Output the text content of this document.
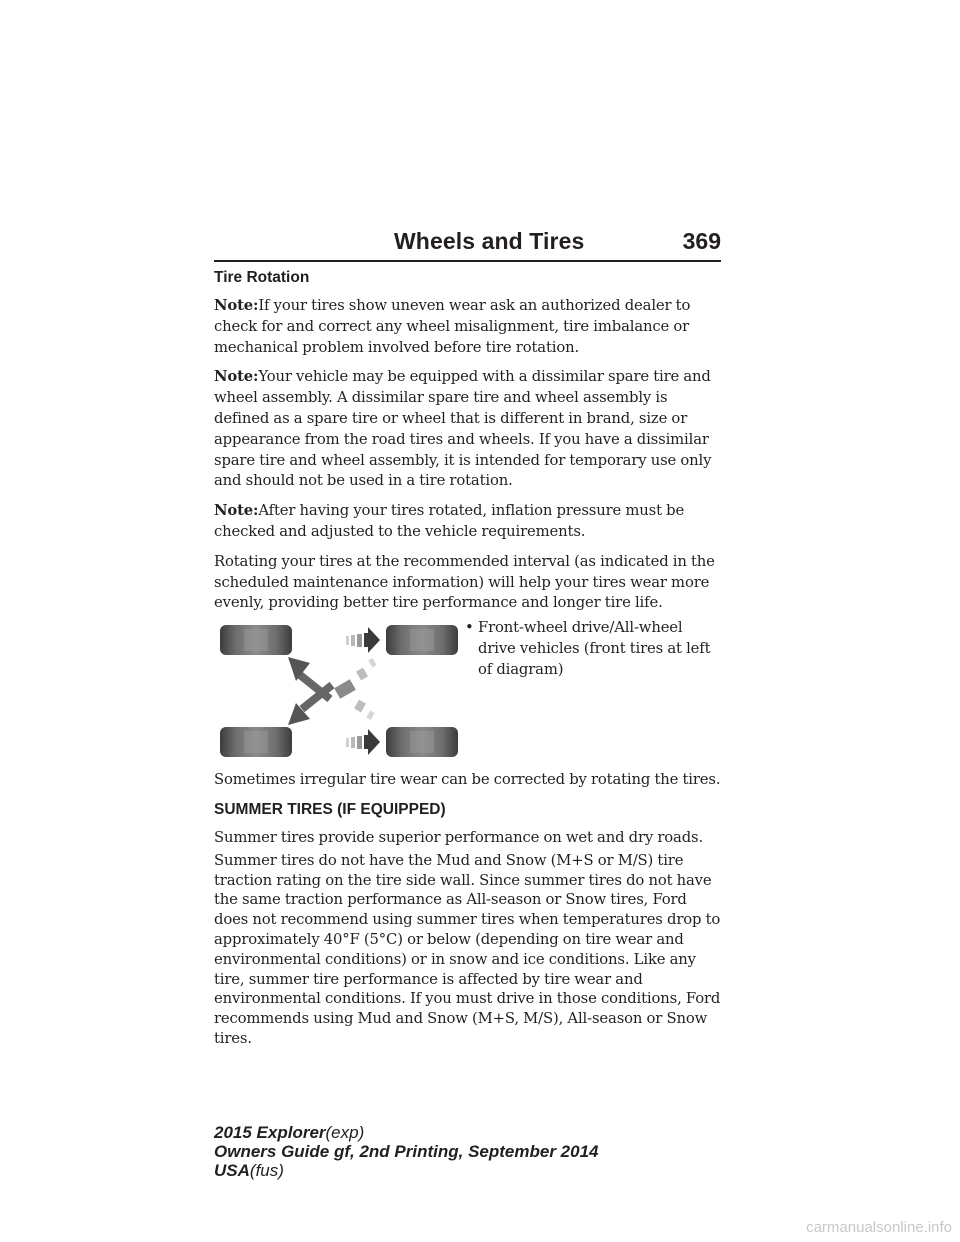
Wheels and Tires	369
Tire Rotation

Note:If your tires show uneven wear ask an authorized dealer to check for and correct any wheel misalignment, tire imbalance or mechanical problem involved before tire rotation.

Note:Your vehicle may be equipped with a dissimilar spare tire and wheel assembly. A dissimilar spare tire and wheel assembly is defined as a spare tire or wheel that is different in brand, size or appearance from the road tires and wheels. If you have a dissimilar spare tire and wheel assembly, it is intended for temporary use only and should not be used in a tire rotation.

Note:After having your tires rotated, inflation pressure must be checked and adjusted to the vehicle requirements.

Rotating your tires at the recommended interval (as indicated in the scheduled maintenance information) will help your tires wear more evenly, providing better tire performance and longer tire life.

• Front-wheel drive/All-wheel drive vehicles (front tires at left of diagram)

Sometimes irregular tire wear can be corrected by rotating the tires.

SUMMER TIRES (IF EQUIPPED)

Summer tires provide superior performance on wet and dry roads.

Summer tires do not have the Mud and Snow (M+S or M/S) tire traction rating on the tire side wall. Since summer tires do not have the same traction performance as All-season or Snow tires, Ford does not recommend using summer tires when temperatures drop to approximately 40°F (5°C) or below (depending on tire wear and environmental conditions) or in snow and ice conditions. Like any tire, summer tire performance is affected by tire wear and environmental conditions. If you must drive in those conditions, Ford recommends using Mud and Snow (M+S, M/S), All-season or Snow tires.

2015 Explorer(exp)
Owners Guide gf, 2nd Printing, September 2014
USA(fus)
carmanualsonline.info
